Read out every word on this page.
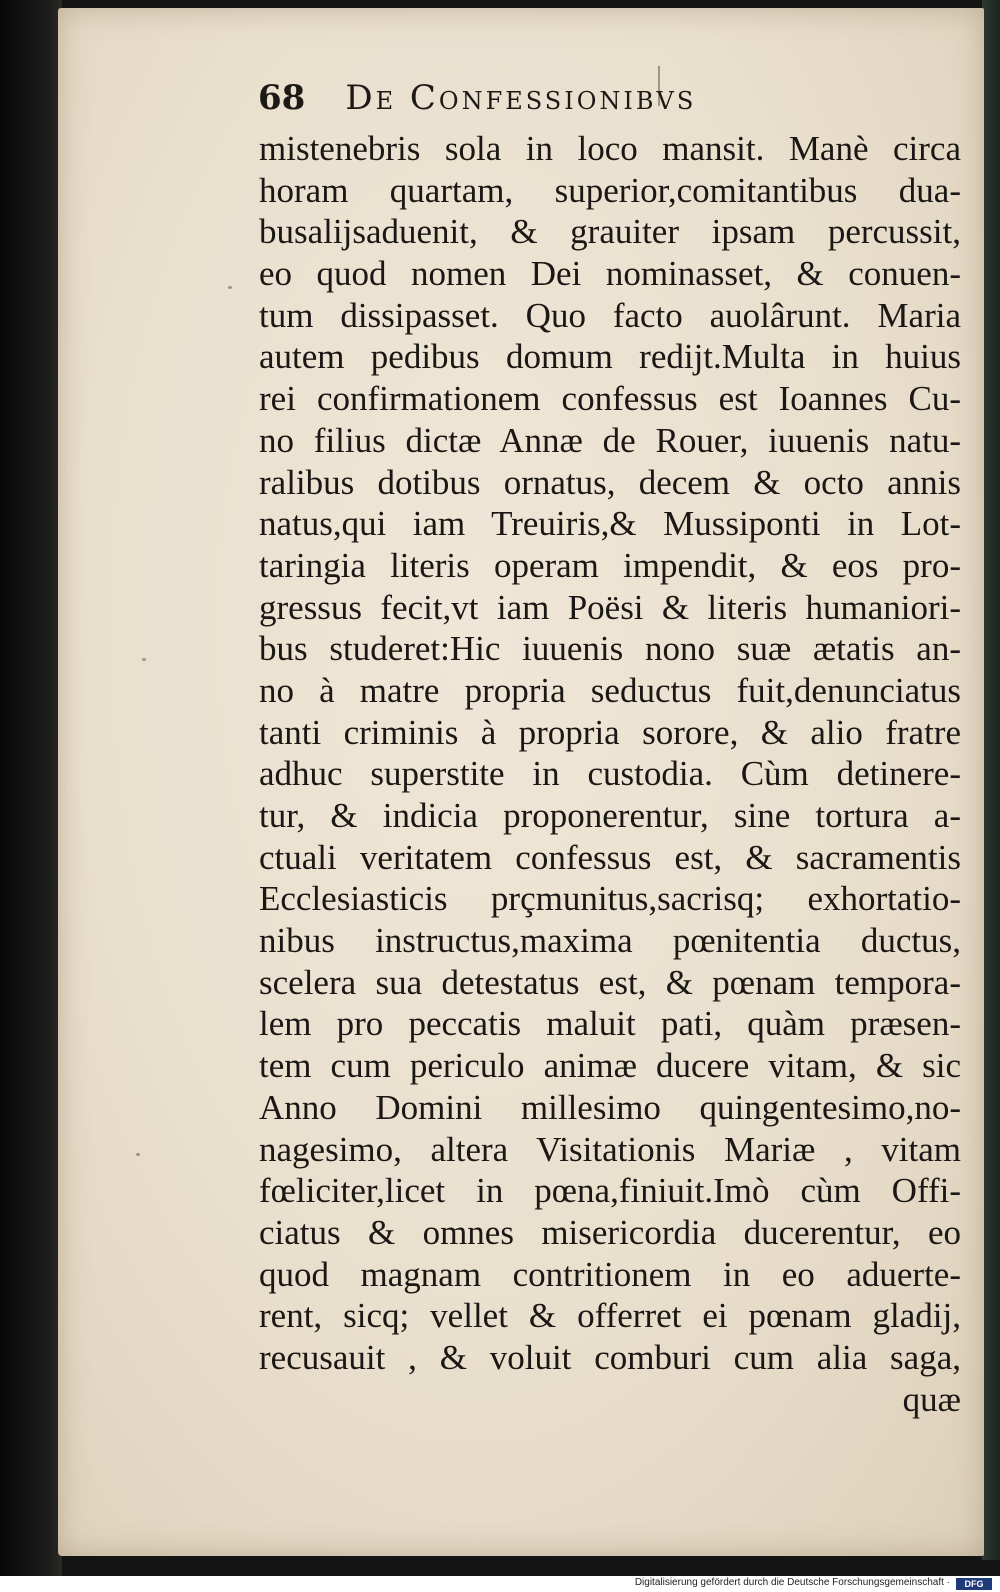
68 De Confessionibvs
mistenebris sola in loco mansit. Manè circa
horam quartam, superior,comitantibus dua-
busalijsaduenit, & grauiter ipsam percussit,
eo quod nomen Dei nominasset, & conuen-
tum dissipasset. Quo facto auolârunt. Maria
autem pedibus domum redijt.Multa in huius
rei confirmationem confessus est Ioannes Cu-
no filius dictæ Annæ de Rouer, iuuenis natu-
ralibus dotibus ornatus, decem & octo annis
natus,qui iam Treuiris,& Mussiponti in Lot-
taringia literis operam impendit, & eos pro-
gressus fecit,vt iam Poësi & literis humaniori-
bus studeret:Hic iuuenis nono suæ ætatis an-
no à matre propria seductus fuit,denunciatus
tanti criminis à propria sorore, & alio fratre
adhuc superstite in custodia. Cùm detinere-
tur, & indicia proponerentur, sine tortura a-
ctuali veritatem confessus est, & sacramentis
Ecclesiasticis prçmunitus,sacrisq; exhortatio-
nibus instructus,maxima pœnitentia ductus,
scelera sua detestatus est, & pœnam tempora-
lem pro peccatis maluit pati, quàm præsen-
tem cum periculo animæ ducere vitam, & sic
Anno Domini millesimo quingentesimo,no-
nagesimo, altera Visitationis Mariæ , vitam
fœliciter,licet in pœna,finiuit.Imò cùm Offi-
ciatus & omnes misericordia ducerentur, eo
quod magnam contritionem in eo aduerte-
rent, sicq; vellet & offerret ei pœnam gladij,
recusauit , & voluit comburi cum alia saga,
quæ
Digitalisierung gefördert durch die Deutsche Forschungsgemeinschaft ·	DFG
